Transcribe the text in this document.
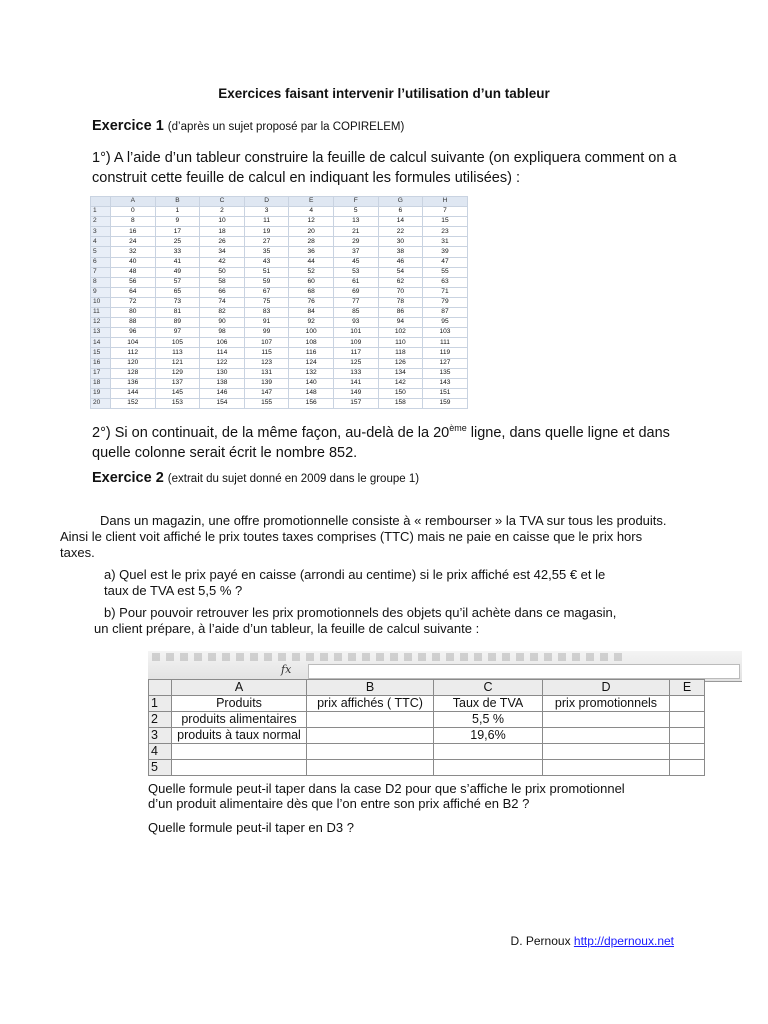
Exercices faisant intervenir l’utilisation d’un tableur
Exercice 1 (d’après un sujet proposé par la COPIRELEM)
1°) A l’aide d’un tableur construire la feuille de calcul suivante (on expliquera comment on a construit cette feuille de calcul en indiquant les formules utilisées) :
	A	B	C	D	E	F	G	H
1	0	1	2	3	4	5	6	7
2	8	9	10	11	12	13	14	15
3	16	17	18	19	20	21	22	23
4	24	25	26	27	28	29	30	31
5	32	33	34	35	36	37	38	39
6	40	41	42	43	44	45	46	47
7	48	49	50	51	52	53	54	55
8	56	57	58	59	60	61	62	63
9	64	65	66	67	68	69	70	71
10	72	73	74	75	76	77	78	79
11	80	81	82	83	84	85	86	87
12	88	89	90	91	92	93	94	95
13	96	97	98	99	100	101	102	103
14	104	105	106	107	108	109	110	111
15	112	113	114	115	116	117	118	119
16	120	121	122	123	124	125	126	127
17	128	129	130	131	132	133	134	135
18	136	137	138	139	140	141	142	143
19	144	145	146	147	148	149	150	151
20	152	153	154	155	156	157	158	159
2°) Si on continuait, de la même façon, au-delà de la 20ème ligne, dans quelle ligne et dans quelle colonne serait écrit le nombre 852.
Exercice 2 (extrait du sujet donné en 2009 dans le groupe 1)
Dans un magazin, une offre promotionnelle consiste à « rembourser » la TVA sur tous les produits. Ainsi le client voit affiché le prix toutes taxes comprises (TTC) mais ne paie en caisse que le prix hors taxes.
a) Quel est le prix payé en caisse (arrondi au centime) si le prix affiché est 42,55 € et le
taux de TVA est 5,5 % ?
b) Pour pouvoir retrouver les prix promotionnels des objets qu’il achète dans ce magasin,
un client prépare, à l’aide d’un tableur, la feuille de calcul suivante :
fx
	A	B	C	D	E
1	Produits	prix affichés ( TTC)	Taux de TVA	prix promotionnels	
2	produits alimentaires		5,5 %		
3	produits à taux normal		19,6%		
4					
5					
Quelle formule peut-il taper dans la case D2 pour que s’affiche le prix promotionnel
d’un produit alimentaire dès que l’on entre son prix affiché en B2 ?
Quelle formule peut-il taper en D3 ?
D. Pernoux http://dpernoux.net
